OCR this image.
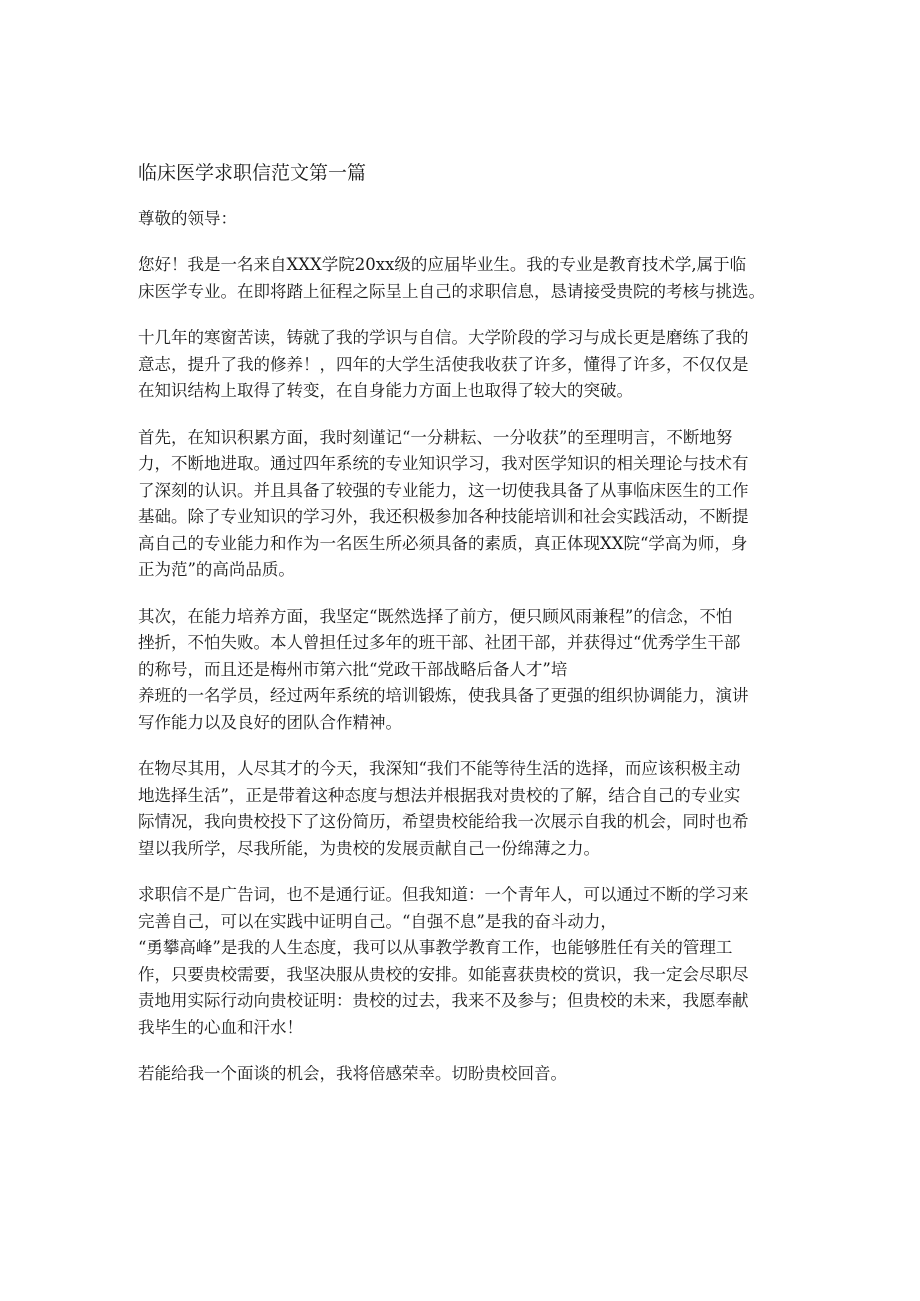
临床医学求职信范文第一篇
尊敬的领导：
您好！我是一名来自XXX学院20xx级的应届毕业生。我的专业是教育技术学,属于临
床医学专业。在即将踏上征程之际呈上自己的求职信息，恳请接受贵院的考核与挑选。
十几年的寒窗苦读，铸就了我的学识与自信。大学阶段的学习与成长更是磨练了我的
意志，提升了我的修养！，四年的大学生活使我收获了许多，懂得了许多，不仅仅是
在知识结构上取得了转变，在自身能力方面上也取得了较大的突破。
首先，在知识积累方面，我时刻谨记“一分耕耘、一分收获”的至理明言，不断地努
力，不断地进取。通过四年系统的专业知识学习，我对医学知识的相关理论与技术有
了深刻的认识。并且具备了较强的专业能力，这一切使我具备了从事临床医生的工作
基础。除了专业知识的学习外，我还积极参加各种技能培训和社会实践活动，不断提
高自己的专业能力和作为一名医生所必须具备的素质，真正体现XX院“学高为师，身
正为范”的高尚品质。
其次，在能力培养方面，我坚定“既然选择了前方，便只顾风雨兼程”的信念，不怕
挫折，不怕失败。本人曾担任过多年的班干部、社团干部，并获得过“优秀学生干部
的称号，而且还是梅州市第六批“党政干部战略后备人才”培
养班的一名学员，经过两年系统的培训锻炼，使我具备了更强的组织协调能力，演讲
写作能力以及良好的团队合作精神。
在物尽其用，人尽其才的今天，我深知“我们不能等待生活的选择，而应该积极主动
地选择生活”，正是带着这种态度与想法并根据我对贵校的了解，结合自己的专业实
际情况，我向贵校投下了这份简历，希望贵校能给我一次展示自我的机会，同时也希
望以我所学，尽我所能，为贵校的发展贡献自己一份绵薄之力。
求职信不是广告词，也不是通行证。但我知道：一个青年人，可以通过不断的学习来
完善自己，可以在实践中证明自己。“自强不息”是我的奋斗动力，
“勇攀高峰”是我的人生态度，我可以从事教学教育工作，也能够胜任有关的管理工
作，只要贵校需要，我坚决服从贵校的安排。如能喜获贵校的赏识，我一定会尽职尽
责地用实际行动向贵校证明：贵校的过去，我来不及参与；但贵校的未来，我愿奉献
我毕生的心血和汗水！
若能给我一个面谈的机会，我将倍感荣幸。切盼贵校回音。
